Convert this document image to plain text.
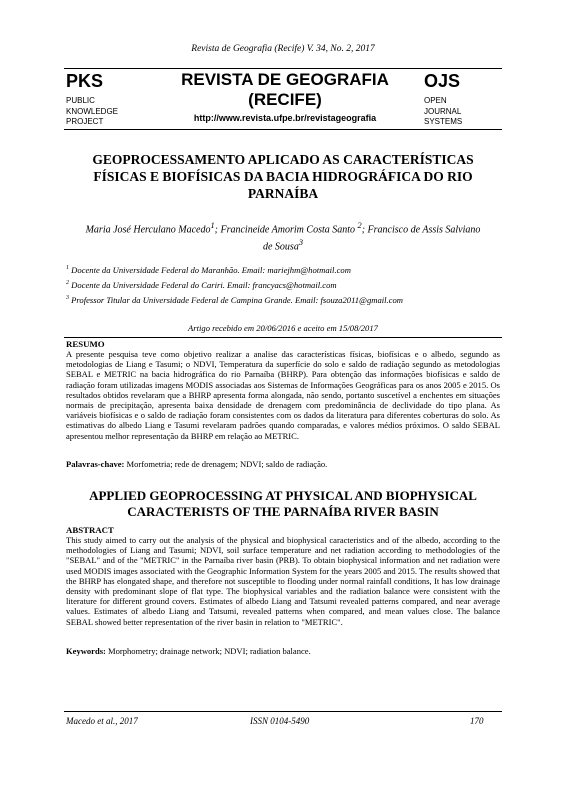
Revista de Geografia (Recife) V. 34, No. 2, 2017
PKS
PUBLIC
KNOWLEDGE
PROJECT
REVISTA DE GEOGRAFIA
(RECIFE)
http://www.revista.ufpe.br/revistageografia
OJS
OPEN
JOURNAL
SYSTEMS
GEOPROCESSAMENTO APLICADO AS CARACTERÍSTICAS FÍSICAS E BIOFÍSICAS DA BACIA HIDROGRÁFICA DO RIO PARNAÍBA
Maria José Herculano Macedo$^1$; Francineide Amorim Costa Santo $^2$; Francisco de Assis Salviano de Sousa$^3$
$^1$ Docente da Universidade Federal do Maranhão. Email: mariejhm@hotmail.com
$^2$ Docente da Universidade Federal do Cariri. Email: francyacs@hotmail.com
$^3$ Professor Titular da Universidade Federal de Campina Grande. Email: fsouza2011@gmail.com
Artigo recebido em 20/06/2016 e aceito em 15/08/2017
RESUMO
A presente pesquisa teve como objetivo realizar a analise das características físicas, biofísicas e o albedo, segundo as metodologias de Liang e Tasumi; o NDVI, Temperatura da superfície do solo e saldo de radiação segundo as metodologias SEBAL e METRIC na bacia hidrográfica do rio Parnaíba (BHRP). Para obtenção das informações biofísicas e saldo de radiação foram utilizadas imagens MODIS associadas aos Sistemas de Informações Geográficas para os anos 2005 e 2015. Os resultados obtidos revelaram que a BHRP apresenta forma alongada, não sendo, portanto suscetível a enchentes em situações normais de precipitação, apresenta baixa densidade de drenagem com predominância de declividade do tipo plana. As variáveis biofísicas e o saldo de radiação foram consistentes com os dados da literatura para diferentes coberturas do solo. As estimativas do albedo Liang e Tasumi revelaram padrões quando comparadas, e valores médios próximos. O saldo SEBAL apresentou melhor representação da BHRP em relação ao METRIC.
Palavras-chave: Morfometria; rede de drenagem; NDVI; saldo de radiação.
APPLIED GEOPROCESSING AT PHYSICAL AND BIOPHYSICAL CARACTERISTS OF THE PARNAÍBA RIVER BASIN
ABSTRACT
This study aimed to carry out the analysis of the physical and biophysical caracteristics and of the albedo, according to the methodologies of Liang and Tasumi; NDVI, soil surface temperature and net radiation according to methodologies of the "SEBAL" and of the "METRIC" in the Parnaíba river basin (PRB). To obtain biophysical information and net radiation were used MODIS images associated with the Geographic Information System for the years 2005 and 2015. The results showed that the BHRP has elongated shape, and therefore not susceptible to flooding under normal rainfall conditions, It has low drainage density with predominant slope of flat type. The biophysical variables and the radiation balance were consistent with the literature for different ground covers. Estimates of albedo Liang and Tatsumi revealed patterns compared, and near average values. Estimates of albedo Liang and Tatsumi, revealed patterns when compared, and mean values close. The balance SEBAL showed better representation of the river basin in relation to "METRIC".
Keywords: Morphometry; drainage network; NDVI; radiation balance.
Macedo et al., 2017	ISSN 0104-5490	170
